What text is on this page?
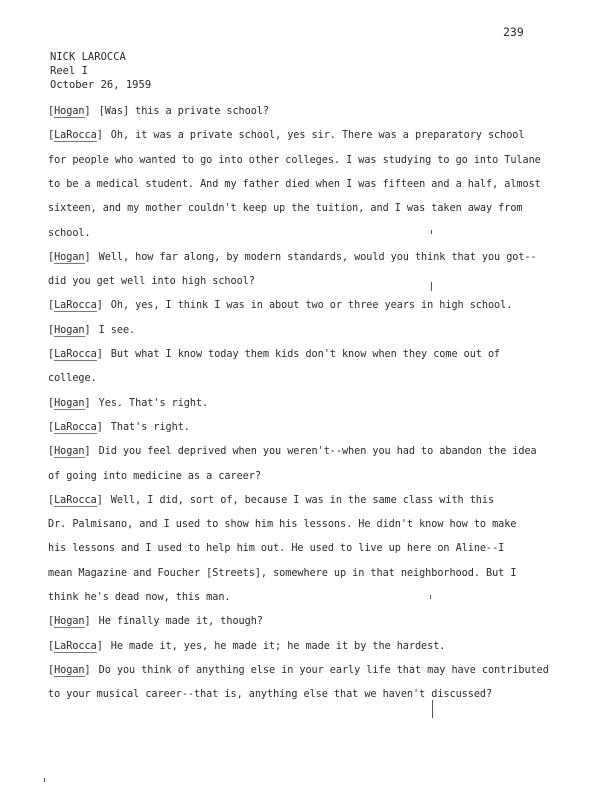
239
NICK LAROCCA
Reel I
October 26, 1959
[Hogan] [Was] this a private school?
[LaRocca] Oh, it was a private school, yes sir. There was a preparatory school
for people who wanted to go into other colleges. I was studying to go into Tulane
to be a medical student. And my father died when I was fifteen and a half, almost
sixteen, and my mother couldn't keep up the tuition, and I was taken away from
school.
[Hogan] Well, how far along, by modern standards, would you think that you got--
did you get well into high school?
[LaRocca] Oh, yes, I think I was in about two or three years in high school.
[Hogan] I see.
[LaRocca] But what I know today them kids don't know when they come out of
college.
[Hogan] Yes. That's right.
[LaRocca] That's right.
[Hogan] Did you feel deprived when you weren't--when you had to abandon the idea
of going into medicine as a career?
[LaRocca] Well, I did, sort of, because I was in the same class with this
Dr. Palmisano, and I used to show him his lessons. He didn't know how to make
his lessons and I used to help him out. He used to live up here on Aline--I
mean Magazine and Foucher [Streets], somewhere up in that neighborhood. But I
think he's dead now, this man.
[Hogan] He finally made it, though?
[LaRocca] He made it, yes, he made it; he made it by the hardest.
[Hogan] Do you think of anything else in your early life that may have contributed
to your musical career--that is, anything else that we haven't discussed?
